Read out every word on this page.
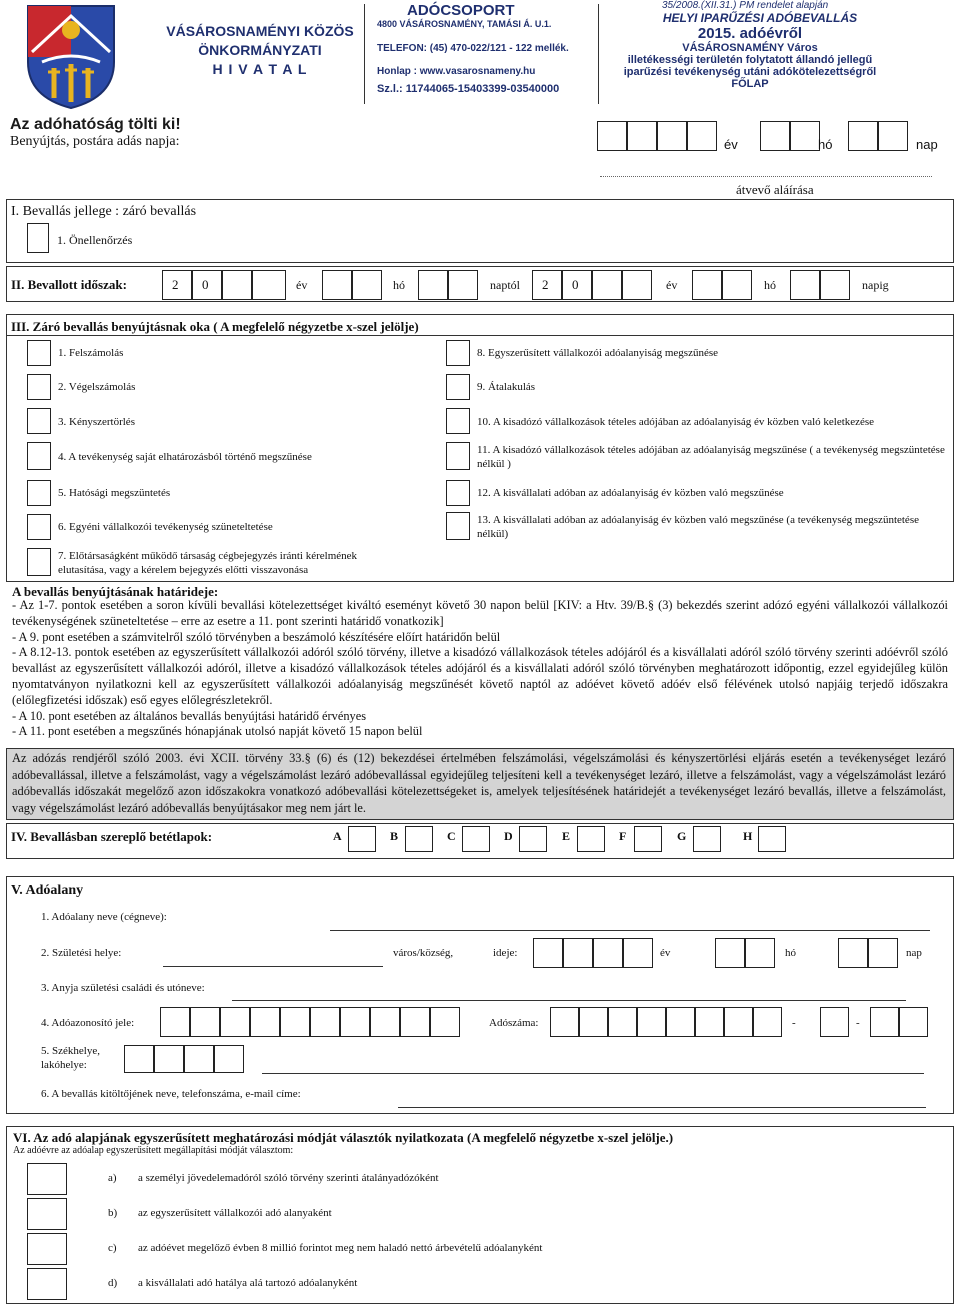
VÁSÁROSNAMÉNYI KÖZÖS
ÖNKORMÁNYZATI
H I V A T A L
ADÓCSOPORT
4800 VÁSÁROSNAMÉNY, TAMÁSI Á. U.1.
TELEFON: (45) 470-022/121 - 122 mellék.
Honlap : www.vasarosnameny.hu
Sz.l.: 11744065-15403399-03540000
35/2008.(XII.31.) PM rendelet alapján
HELYI IPARŰZÉSI ADÓBEVALLÁS
2015. adóévről
VÁSÁROSNAMÉNY Város
illetékességi területén folytatott állandó jellegű
iparűzési tevékenység utáni adókötelezettségről
FŐLAP
Az adóhatóság tölti ki!
Benyújtás, postára adás napja:	év	hó	nap
átvevő aláírása
I. Bevallás jellege : záró bevallás
1. Önellenőrzés
II. Bevallott időszak:	2 0	év	hó	naptól 2 0	év	hó	napig
III. Záró bevallás benyújtásnak oka ( A megfelelő négyzetbe x-szel jelölje)
1. Felszámolás
2. Végelszámolás
3. Kényszertörlés
4. A tevékenység saját elhatározásból történő megszűnése
5. Hatósági megszüntetés
6. Egyéni vállalkozói tevékenység szüneteltetése
7. Előtársaságként működő társaság cégbejegyzés iránti kérelmének elutasítása, vagy a kérelem bejegyzés előtti visszavonása
8. Egyszerűsített vállalkozói adóalanyiság megszűnése
9. Átalakulás
10. A kisadózó vállalkozások tételes adójában az adóalanyiság év közben való keletkezése
11. A kisadózó vállalkozások tételes adójában az adóalanyiság megszűnése ( a tevékenység megszüntetése nélkül )
12. A kisvállalati adóban az adóalanyiság év közben való megszűnése
13. A kisvállalati adóban az adóalanyiság év közben való megszűnése (a tevékenység megszüntetése nélkül)
A bevallás benyújtásának határideje:
- Az 1-7. pontok esetében a soron kívüli bevallási kötelezettséget kiváltó eseményt követő 30 napon belül [KIV: a Htv. 39/B.§ (3) bekezdés szerint adózó egyéni vállalkozói vállalkozói tevékenységének szüneteltetése – erre az esetre a 11. pont szerinti határidő vonatkozik]
- A 9. pont esetében a számvitelről szóló törvényben a beszámoló készítésére előírt határidőn belül
- A 8.12-13. pontok esetében az egyszerűsített vállalkozói adóról szóló törvény, illetve a kisadózó vállalkozások tételes adójáról és a kisvállalati adóról szóló törvény szerinti adóévről szóló bevallást az egyszerűsített vállalkozói adóról, illetve a kisadózó vállalkozások tételes adójáról és a kisvállalati adóról szóló törvényben meghatározott időpontig, ezzel egyidejűleg külön nyomtatványon nyilatkozni kell az egyszerűsített vállalkozói adóalanyiság megszűnését követő naptól az adóévet követő adóév első félévének utolsó napjáig terjedő időszakra (előlegfizetési időszak) eső egyes előlegrészletekről.
- A 10. pont esetében az általános bevallás benyújtási határidő érvényes
- A 11. pont esetében a megszűnés hónapjának utolsó napját követő 15 napon belül
Az adózás rendjéről szóló 2003. évi XCII. törvény 33.§ (6) és (12) bekezdései értelmében felszámolási, végelszámolási és kényszertörlési eljárás esetén a tevékenységet lezáró adóbevallással, illetve a felszámolást, vagy a végelszámolást lezáró adóbevallással egyidejűleg teljesíteni kell a tevékenységet lezáró, illetve a felszámolást, vagy a végelszámolást lezáró adóbevallás időszakát megelőző azon időszakokra vonatkozó adóbevallási kötelezettségeket is, amelyek teljesítésének határidejét a tevékenységet lezáró bevallás, illetve a felszámolást, vagy végelszámolást lezáró adóbevallás benyújtásakor meg nem járt le.
IV. Bevallásban szereplő betétlapok:	A	B	C	D	E	F	G	H
V. Adóalany
1. Adóalany neve (cégneve):
2. Születési helye:	város/község,	ideje:	év	hó	nap
3. Anyja születési családi és utóneve:
4. Adóazonosító jele:	Adószáma:	-	-
5. Székhelye,
lakóhelye:
6. A bevallás kitöltőjének neve, telefonszáma, e-mail címe:
VI. Az adó alapjának egyszerűsített meghatározási módját választók nyilatkozata (A megfelelő négyzetbe x-szel jelölje.)
Az adóévre az adóalap egyszerűsített megállapítási módját választom:
a) a személyi jövedelemadóról szóló törvény szerinti átalányadózóként
b) az egyszerűsített vállalkozói adó alanyaként
c) az adóévet megelőző évben 8 millió forintot meg nem haladó nettó árbevételű adóalanyként
d) a kisvállalati adó hatálya alá tartozó adóalanyként
